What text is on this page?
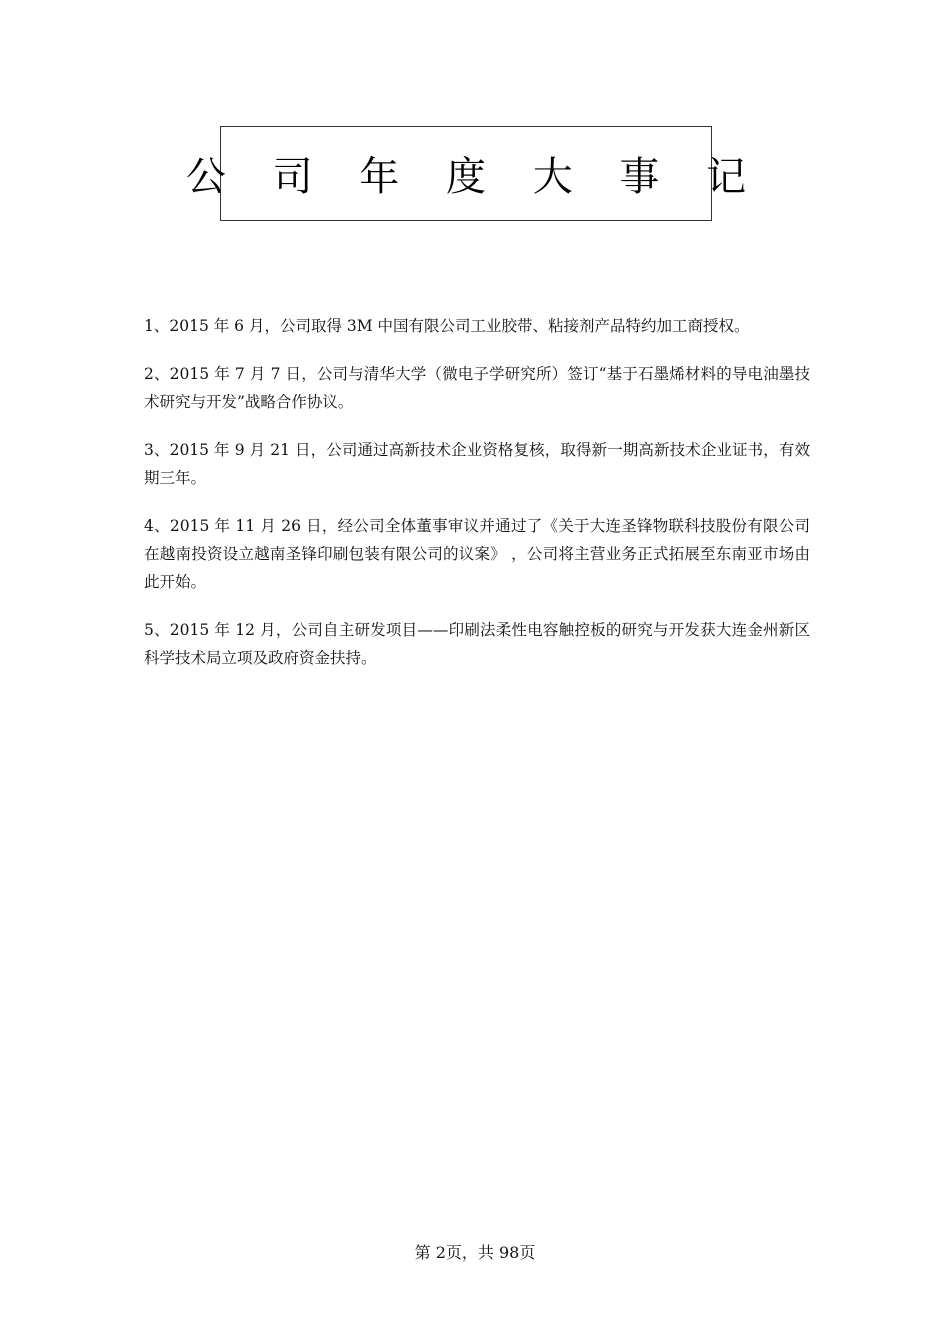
公 司 年 度 大 事 记

1、2015 年 6 月，公司取得 3M 中国有限公司工业胶带、粘接剂产品特约加工商授权。

2、2015 年 7 月 7 日，公司与清华大学（微电子学研究所）签订“基于石墨烯材料的导电油墨技术研究与开发”战略合作协议。

3、2015 年 9 月 21 日，公司通过高新技术企业资格复核，取得新一期高新技术企业证书，有效期三年。

4、2015 年 11 月 26 日，经公司全体董事审议并通过了《关于大连圣锋物联科技股份有限公司在越南投资设立越南圣锋印刷包装有限公司的议案》 ，公司将主营业务正式拓展至东南亚市场由此开始。

5、2015 年 12 月，公司自主研发项目——印刷法柔性电容触控板的研究与开发获大连金州新区科学技术局立项及政府资金扶持。

第 2页，共 98页
